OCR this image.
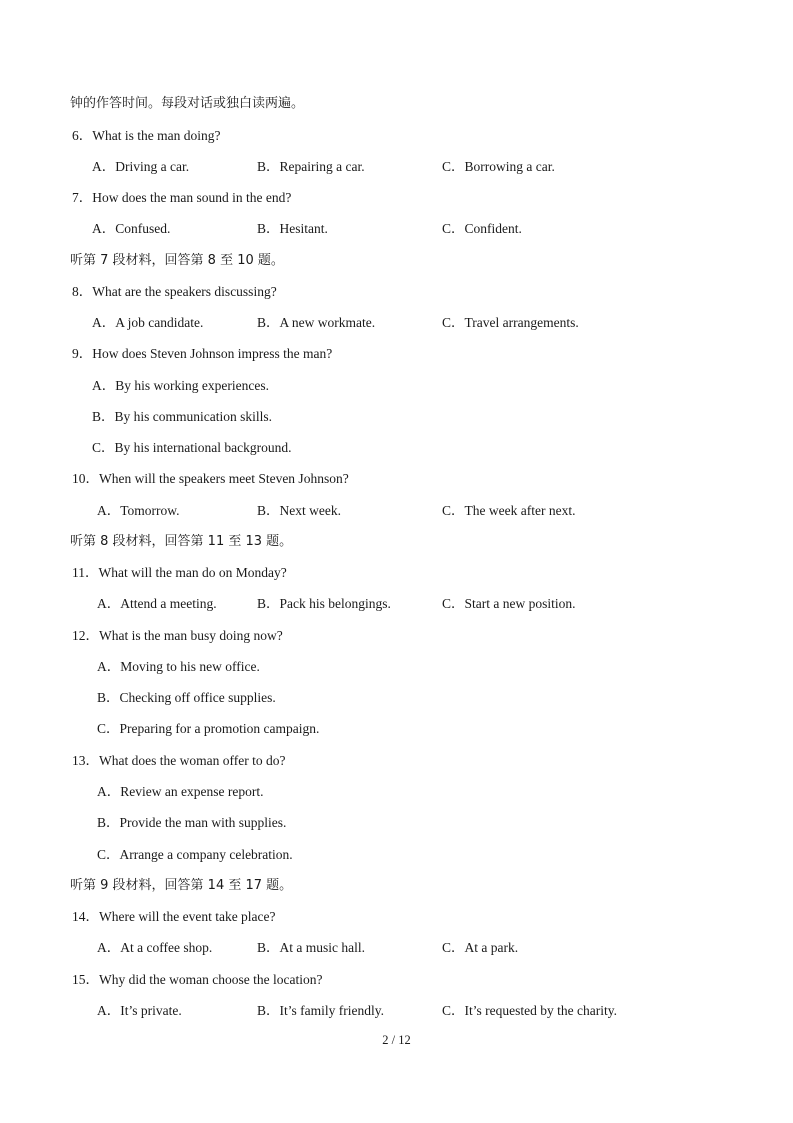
钟的作答时间。每段对话或独白读两遍。
6．What is the man doing?
A．Driving a car.	B．Repairing a car.	C．Borrowing a car.
7．How does the man sound in the end?
A．Confused.	B．Hesitant.	C．Confident.
听第 7 段材料，回答第 8 至 10 题。
8．What are the speakers discussing?
A．A job candidate.	B．A new workmate.	C．Travel arrangements.
9．How does Steven Johnson impress the man?
A．By his working experiences.
B．By his communication skills.
C．By his international background.
10．When will the speakers meet Steven Johnson?
A．Tomorrow.	B．Next week.	C．The week after next.
听第 8 段材料，回答第 11 至 13 题。
11．What will the man do on Monday?
A．Attend a meeting.	B．Pack his belongings.	C．Start a new position.
12．What is the man busy doing now?
A．Moving to his new office.
B．Checking off office supplies.
C．Preparing for a promotion campaign.
13．What does the woman offer to do?
A．Review an expense report.
B．Provide the man with supplies.
C．Arrange a company celebration.
听第 9 段材料，回答第 14 至 17 题。
14．Where will the event take place?
A．At a coffee shop.	B．At a music hall.	C．At a park.
15．Why did the woman choose the location?
A．It’s private.	B．It’s family friendly.	C．It’s requested by the charity.
2 / 12
